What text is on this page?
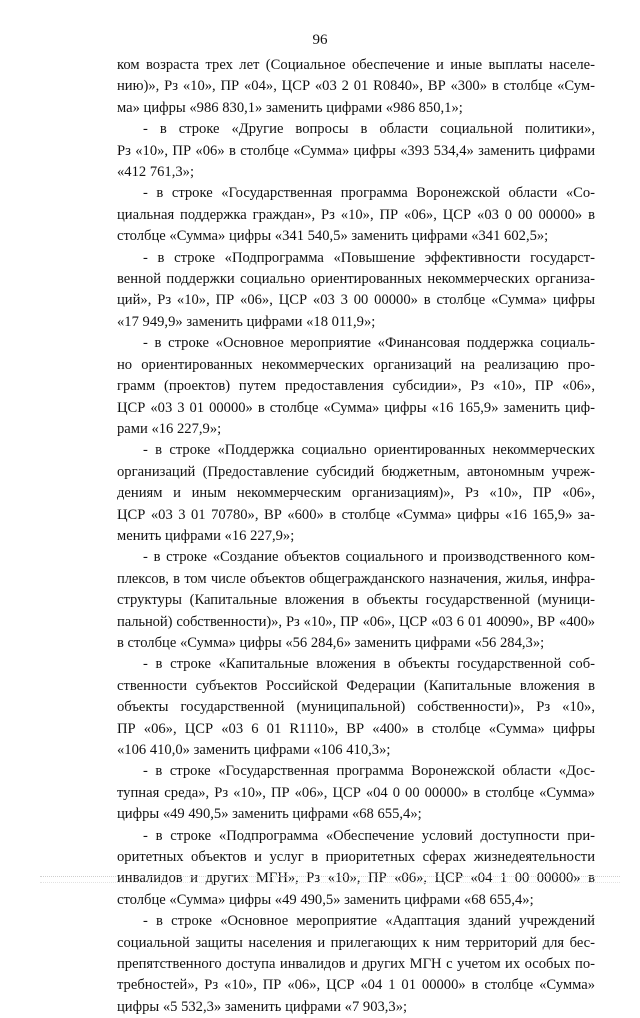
96
ком возраста трех лет (Социальное обеспечение и иные выплаты населе-
нию)», Рз «10», ПР «04», ЦСР «03 2 01 R0840», ВР «300» в столбце «Сум-
ма» цифры «986 830,1» заменить цифрами «986 850,1»;
- в строке «Другие вопросы в области социальной политики»,
Рз «10», ПР «06» в столбце «Сумма» цифры «393 534,4» заменить цифрами
«412 761,3»;
- в строке «Государственная программа Воронежской области «Со-
циальная поддержка граждан», Рз «10», ПР «06», ЦСР «03 0 00 00000» в
столбце «Сумма» цифры «341 540,5» заменить цифрами «341 602,5»;
- в строке «Подпрограмма «Повышение эффективности государст-
венной поддержки социально ориентированных некоммерческих организа-
ций», Рз «10», ПР «06», ЦСР «03 3 00 00000» в столбце «Сумма» цифры
«17 949,9» заменить цифрами «18 011,9»;
- в строке «Основное мероприятие «Финансовая поддержка социаль-
но ориентированных некоммерческих организаций на реализацию про-
грамм (проектов) путем предоставления субсидии», Рз «10», ПР «06»,
ЦСР «03 3 01 00000» в столбце «Сумма» цифры «16 165,9» заменить циф-
рами «16 227,9»;
- в строке «Поддержка социально ориентированных некоммерческих
организаций (Предоставление субсидий бюджетным, автономным учреж-
дениям и иным некоммерческим организациям)», Рз «10», ПР «06»,
ЦСР «03 3 01 70780», ВР «600» в столбце «Сумма» цифры «16 165,9» за-
менить цифрами «16 227,9»;
- в строке «Создание объектов социального и производственного ком-
плексов, в том числе объектов общегражданского назначения, жилья, инфра-
структуры (Капитальные вложения в объекты государственной (муници-
пальной) собственности)», Рз «10», ПР «06», ЦСР «03 6 01 40090», ВР «400»
в столбце «Сумма» цифры «56 284,6» заменить цифрами «56 284,3»;
- в строке «Капитальные вложения в объекты государственной соб-
ственности субъектов Российской Федерации (Капитальные вложения в
объекты государственной (муниципальной) собственности)», Рз «10»,
ПР «06», ЦСР «03 6 01 R1110», ВР «400» в столбце «Сумма» цифры
«106 410,0» заменить цифрами «106 410,3»;
- в строке «Государственная программа Воронежской области «Дос-
тупная среда», Рз «10», ПР «06», ЦСР «04 0 00 00000» в столбце «Сумма»
цифры «49 490,5» заменить цифрами «68 655,4»;
- в строке «Подпрограмма «Обеспечение условий доступности при-
оритетных объектов и услуг в приоритетных сферах жизнедеятельности
инвалидов и других МГН», Рз «10», ПР «06», ЦСР «04 1 00 00000» в
столбце «Сумма» цифры «49 490,5» заменить цифрами «68 655,4»;
- в строке «Основное мероприятие «Адаптация зданий учреждений
социальной защиты населения и прилегающих к ним территорий для бес-
препятственного доступа инвалидов и других МГН с учетом их особых по-
требностей», Рз «10», ПР «06», ЦСР «04 1 01 00000» в столбце «Сумма»
цифры «5 532,3» заменить цифрами «7 903,3»;
